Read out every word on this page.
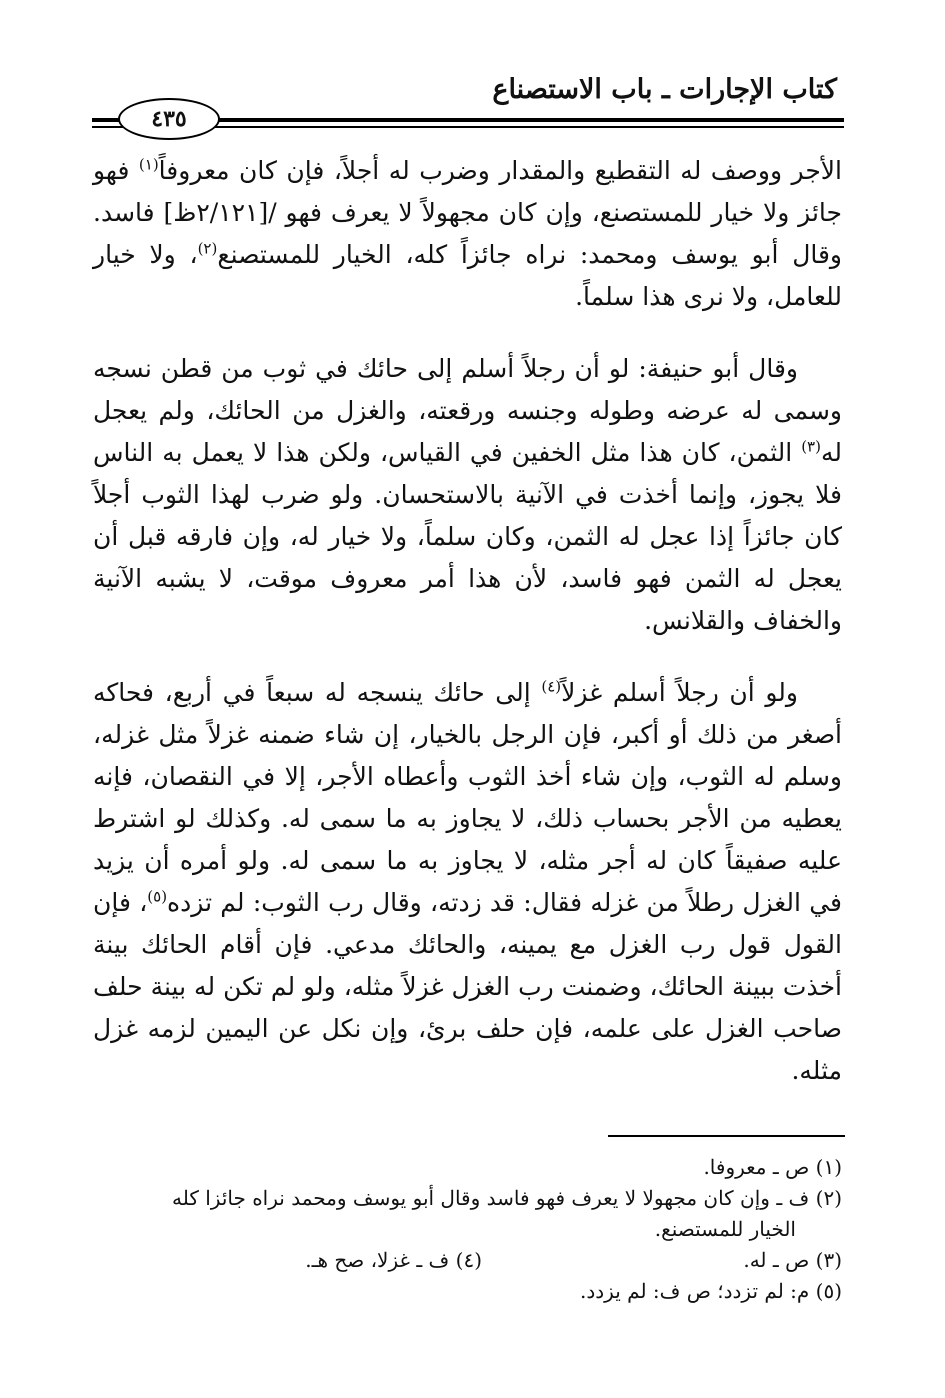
كتاب الإجارات ـ باب الاستصناع
٤٣٥

الأجر ووصف له التقطيع والمقدار وضرب له أجلاً، فإن كان معروفاً$^{(١)}$ فهو جائز ولا خيار للمستصنع، وإن كان مجهولاً لا يعرف فهو /[٢/١٢١ظ] فاسد. وقال أبو يوسف ومحمد: نراه جائزاً كله، الخيار للمستصنع$^{(٢)}$، ولا خيار للعامل، ولا نرى هذا سلماً.

وقال أبو حنيفة: لو أن رجلاً أسلم إلى حائك في ثوب من قطن نسجه وسمى له عرضه وطوله وجنسه ورقعته، والغزل من الحائك، ولم يعجل له$^{(٣)}$ الثمن، كان هذا مثل الخفين في القياس، ولكن هذا لا يعمل به الناس فلا يجوز، وإنما أخذت في الآنية بالاستحسان. ولو ضرب لهذا الثوب أجلاً كان جائزاً إذا عجل له الثمن، وكان سلماً، ولا خيار له، وإن فارقه قبل أن يعجل له الثمن فهو فاسد، لأن هذا أمر معروف موقت، لا يشبه الآنية والخفاف والقلانس.

ولو أن رجلاً أسلم غزلاً$^{(٤)}$ إلى حائك ينسجه له سبعاً في أربع، فحاكه أصغر من ذلك أو أكبر، فإن الرجل بالخيار، إن شاء ضمنه غزلاً مثل غزله، وسلم له الثوب، وإن شاء أخذ الثوب وأعطاه الأجر، إلا في النقصان، فإنه يعطيه من الأجر بحساب ذلك، لا يجاوز به ما سمى له. وكذلك لو اشترط عليه صفيقاً كان له أجر مثله، لا يجاوز به ما سمى له. ولو أمره أن يزيد في الغزل رطلاً من غزله فقال: قد زدته، وقال رب الثوب: لم تزده$^{(٥)}$، فإن القول قول رب الغزل مع يمينه، والحائك مدعي. فإن أقام الحائك بينة أخذت ببينة الحائك، وضمنت رب الغزل غزلاً مثله، ولو لم تكن له بينة حلف صاحب الغزل على علمه، فإن حلف برئ، وإن نكل عن اليمين لزمه غزل مثله.

(١) ص ـ معروفا.
(٢) ف ـ وإن كان مجهولا لا يعرف فهو فاسد وقال أبو يوسف ومحمد نراه جائزا كله
الخيار للمستصنع.
(٣) ص ـ له.
(٤) ف ـ غزلا، صح هـ.
(٥) م: لم تزدد؛ ص ف: لم يزدد.
